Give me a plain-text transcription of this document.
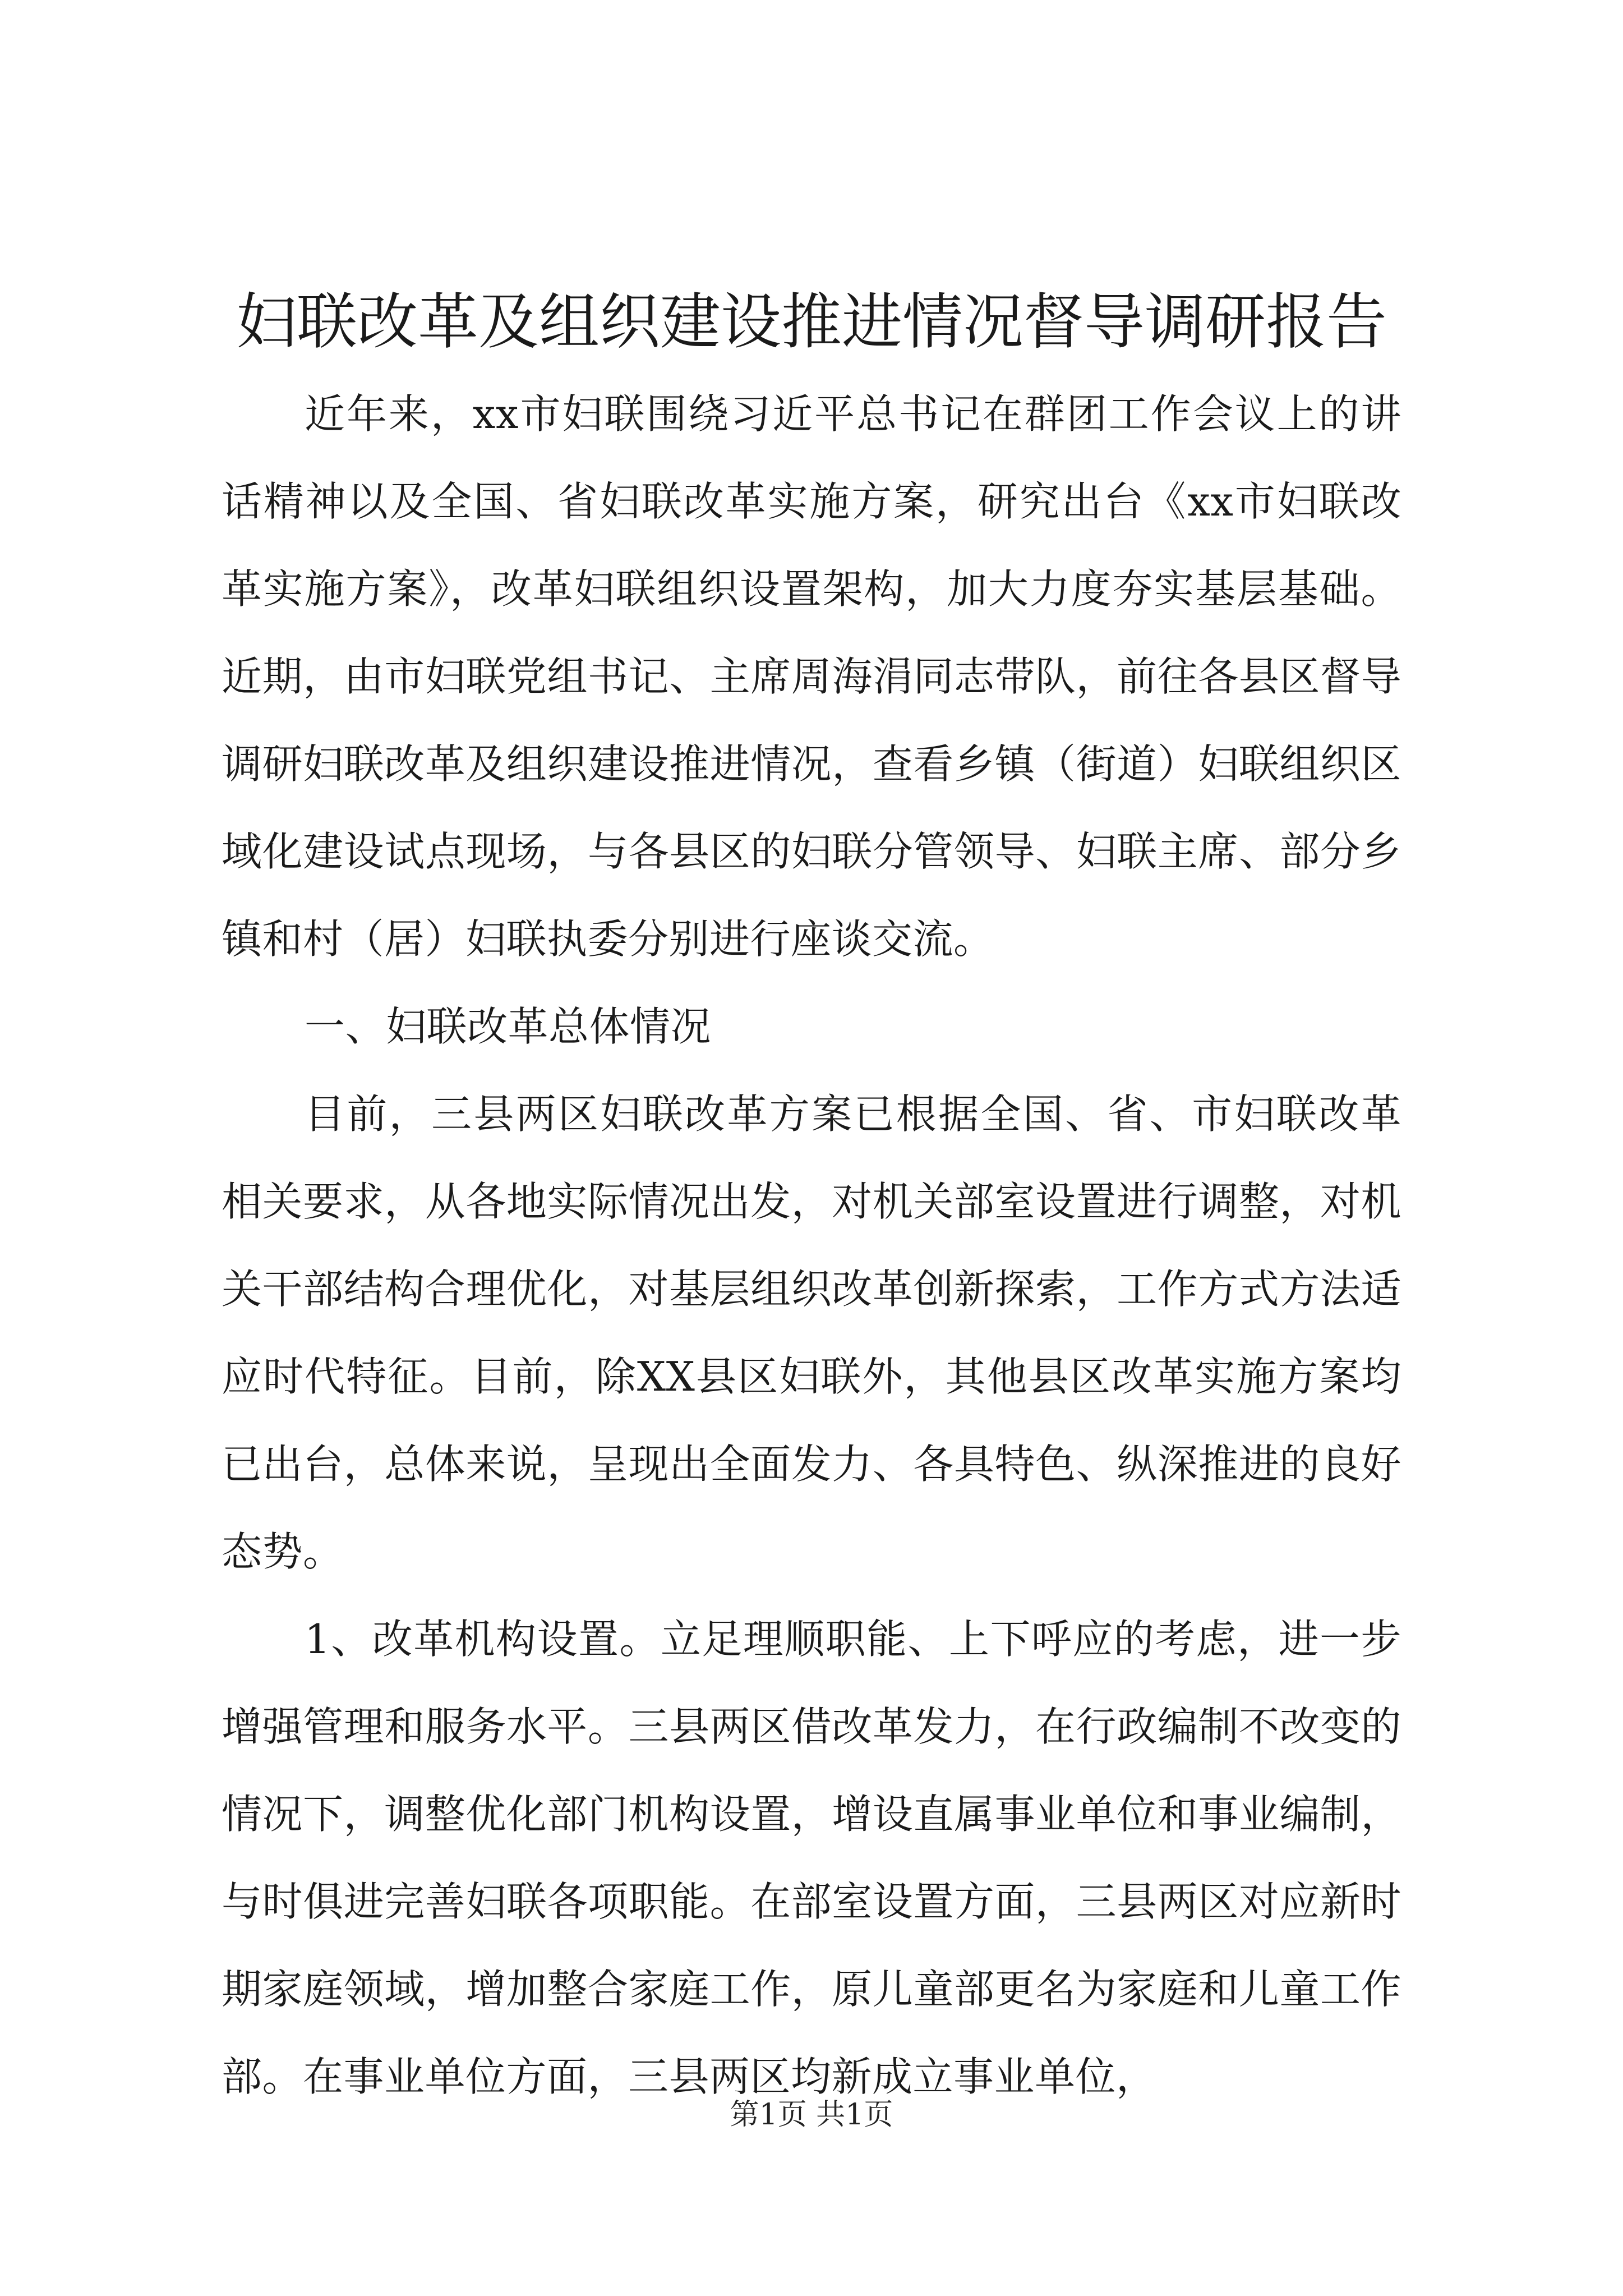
妇联改革及组织建设推进情况督导调研报告

近年来，xx市妇联围绕习近平总书记在群团工作会议上的讲话精神以及全国、省妇联改革实施方案，研究出台《xx市妇联改革实施方案》，改革妇联组织设置架构，加大力度夯实基层基础。近期，由市妇联党组书记、主席周海涓同志带队，前往各县区督导调研妇联改革及组织建设推进情况，查看乡镇（街道）妇联组织区域化建设试点现场，与各县区的妇联分管领导、妇联主席、部分乡镇和村（居）妇联执委分别进行座谈交流。

一、妇联改革总体情况

目前，三县两区妇联改革方案已根据全国、省、市妇联改革相关要求，从各地实际情况出发，对机关部室设置进行调整，对机关干部结构合理优化，对基层组织改革创新探索，工作方式方法适应时代特征。目前，除XX县区妇联外，其他县区改革实施方案均已出台，总体来说，呈现出全面发力、各具特色、纵深推进的良好态势。

1、改革机构设置。立足理顺职能、上下呼应的考虑，进一步增强管理和服务水平。三县两区借改革发力，在行政编制不改变的情况下，调整优化部门机构设置，增设直属事业单位和事业编制，与时俱进完善妇联各项职能。在部室设置方面，三县两区对应新时期家庭领域，增加整合家庭工作，原儿童部更名为家庭和儿童工作部。在事业单位方面，三县两区均新成立事业单位，

第1页 共1页
